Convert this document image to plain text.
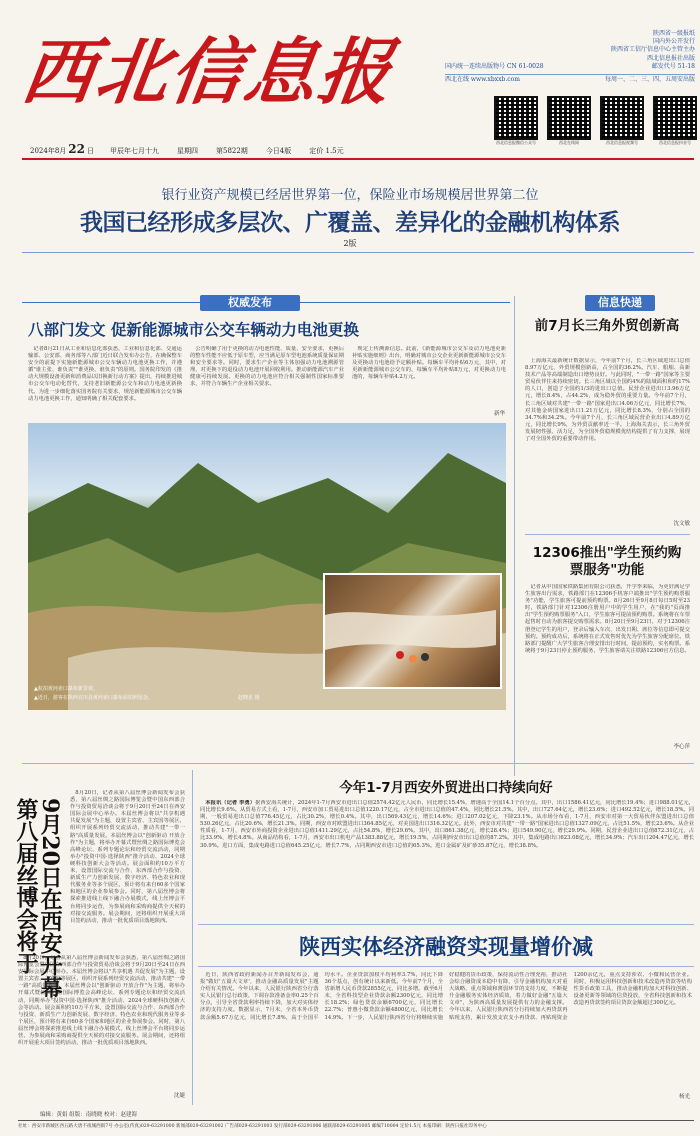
西北信息报	陕西省一级报纸
国内外公开发行
陕西省工信厅信息中心主管主办
西北信息报社出版
国内统一连续出版物号 CN 61-0028	邮发代号 51-18
西北在线 www.xbxxb.com	每周一、二、三、四、五周安出版
西北信息报微信公众号	西北在线网	西北信息报视频号	西北信息报抖音号
2024年8月 22 日 甲辰年七月十九	星期四	第5822期	今日4版	定价 1.5元
银行业资产规模已经居世界第一位，保险业市场规模居世界第二位
我国已经形成多层次、广覆盖、差异化的金融机构体系
2版
权威发布
八部门发文 促新能源城市公交车辆动力电池更换
记者8月21日从工业和信息化部获悉，工业和信息化部、交通运输部、公安部、商务部等八部门近日联合发布办公告，在确保整车安全的前提下实施新能源城市公交车辆动力电池更换工作，并遵循"谁主张、谁负责""谁更换、谁负责"的原则。国务院印发的《推动大规模设备更新和消费品以旧换新行动方案》提出，持续推进城市公交车电动化替代，支持老旧新能源公交车和动力电池更新换代。为进一步细化落实国务院有关要求，规范新能源城市公交车辆动力电池更换工作，通知明确了相关配套要求。
公告明确了用于更换的动力电池性能、质量、安全要求，更换后的整车性能不应低于原车型，应当满足原车型电池系统质量保证期和安全要求等。同时，要求生产企业等主体加强动力电池溯源管理，对更换下的退役动力电池开展回收利用。推动新能源汽车产业健康可持续发展。更换的动力电池应符合相关强制性国家标准要求，并符合车辆生产企业相关要求。
规定上传溯源信息。此前，《新能源城市公交车及动力电池更新补贴实施细则》出台，明确对城市公交企业更新新能源城市公交车及更换动力电池给予定额补贴。每辆车平均补贴6万元，其中，对更新新能源城市公交车的，每辆车平均补贴8万元，对更换动力电池的，每辆车补贴4.2万元。
新华
▲航拍黄河壶口瀑布新景观。
▲近日，游客在陕西宜川县黄河壶口瀑布前拍照留念。	赵晓星 摄
信息快递
前7月长三角外贸创新高
上海海关最新统计数据显示，今年前7个月，长三角区域进出口总值8.97万亿元，外贸规模创新高，占全国的36.2%。汽车、船舶、高新技术产品等高端制造出口增势良好。与此同时，"一带一路"国家等主要贸易伙伴往来持续密切。长三角区域以全国约4%的陆域面积和约17%的人口，创造了全国约1/3的进出口总值。民营企业进出口3.96万亿元，增长8.4%，占44.2%，成为稳外贸的重要力量。今年前7个月，长三角区域对共建"一带一路"国家进出口4.06万亿元，同比增长7%，对其他金砖国家进出口1.21万亿元，同比增长8.3%，分别占全国的34.7%和34.2%。今年前7个月，长三角区域民营企业出口4.89万亿元，同比增长9%，为外贸贡献率近一半。上海海关表示，长三角外贸发展韧性强、活力足，为全国外贸稳规模优结构提供了有力支撑，展现了对全国外贸的重要带动作用。
沈文敏
12306推出"学生预约购票服务"功能
记者从中国国家铁路集团有限公司获悉，开学季来临，为更好满足学生旅客出行需求，铁路部门在12306手机客户端推出"学生预约购票服务"功能，学生旅客可提前预约购票。8月26日至9月8日每日5时至23时，铁路部门针对12306注册用户中的学生用户，在"我的"页面推出"学生预约购票服务"入口，学生旅客可提前预约购票。系统将在车票起售时自动为旅客提交购票需求。8月20日至9月23日，对于12306注册登记学生的用户，登录后输入车次、出发日期、席位等信息即可提交预约。预约成功后，系统将在正式发售时优先为学生旅客分配席位。铁路部门提醒广大学生旅客合理安排出行时间，提前预约，实名购票。系统将于9月23日停止预约服务，学生旅客请关注铁路12306官方信息。
李心萍
9月20日在西安开幕
第八届丝博会将于
8月20日，记者从第八届丝博会新闻发布会获悉，第八届丝绸之路国际博览会暨中国东西部合作与投资贸易洽谈会将于9月20日至24日在西安国际会展中心举办。本届丝博会将以"共享机遇 共促发展"为主题，设置主宾省、主宾国等展区，组织开展系列经贸交流活动，推动共建"一带一路"高质量发展。本届丝博会以"创新驱动 开放合作"为主题，将举办开幕式暨丝绸之路国际博览会高峰论坛、系列专题论坛和经贸交流活动，同期举办"投资中国·选择陕西"推介活动、2024全球硬科技创新大会等活动。展会面积约10万平方米，设置国际交流与合作、东西部合作与投资、新质生产力创新发展、数字经济、特色农业和现代服务业等多个展区，预计将有来自60多个国家和地区的企业参展参会。同时，第八届丝博会将探索推进线上线下融合办展模式，线上丝博会平台将同步运营，为参展商和采购商提供全天候的对接交流服务。展会期间，还将组织开展重大项目签约活动，推动一批优质项目落地陕西。
8月20日，记者从第八届丝博会新闻发布会获悉，第八届丝绸之路国际博览会暨中国东西部合作与投资贸易洽谈会将于9月20日至24日在西安国际会展中心举办。本届丝博会将以"共享机遇 共促发展"为主题，设置主宾省、主宾国等展区，组织开展系列经贸交流活动，推动共建"一带一路"高质量发展。本届丝博会以"创新驱动 开放合作"为主题，将举办开幕式暨丝绸之路国际博览会高峰论坛、系列专题论坛和经贸交流活动，同期举办"投资中国·选择陕西"推介活动、2024全球硬科技创新大会等活动。展会面积约10万平方米，设置国际交流与合作、东西部合作与投资、新质生产力创新发展、数字经济、特色农业和现代服务业等多个展区，预计将有来自60多个国家和地区的企业参展参会。同时，第八届丝博会将探索推进线上线下融合办展模式，线上丝博会平台将同步运营，为参展商和采购商提供全天候的对接交流服务。展会期间，还将组织开展重大项目签约活动，推动一批优质项目落地陕西。
沈婕
今年1-7月西安外贸进出口持续向好
本报讯（记者 李勇）据西安海关统计，2024年1-7月西安市进出口总值2574.42亿元人民币，同比增长15.4%，增速高于全国14.1个百分点。其中，出口1586.41亿元，同比增长19.4%；进口988.01亿元，同比增长9.6%。从贸易方式上看，1-7月，西安市加工贸易进出口总值1220.17亿元，占全市进出口总值的47.4%，同比增长21.5%。其中，出口727.64亿元，增长23.6%；进口492.52亿元，增长18.5%。同期，一般贸易进出口总值776.45亿元，占比30.2%，增长0.4%。其中，出口569.43亿元，增长14.6%；进口207.02亿元，下降23.1%。从市场分布看，1-7月，西安市对第一大贸易伙伴东盟进出口总值530.26亿元，占比20.6%，增长21.3%。同期，西安市对欧盟进出口364.85亿元，对美国进出口316.32亿元。此外，西安市对共建"一带一路"国家进出口总值1327.09亿元，占比51.5%，增长23.6%。从企业性质看，1-7月，西安市外商投资企业进出口总值1411.29亿元，占比54.8%，增长29.6%。其中，出口861.38亿元，增长28.4%；进口549.90亿元，增长29.9%。同期，民营企业进出口总值872.31亿元，占比33.9%，增长4.8%。从商品结构看，1-7月，西安市出口机电产品1383.88亿元，增长19.5%，占同期西安市出口总值的87.2%。其中，集成电路出口623.08亿元，增长34.9%；汽车出口204.47亿元，增长30.9%。进口方面，集成电路进口总值645.25亿元，增长7.7%，占同期西安市进口总值的65.3%。进口金属矿及矿砂35.87亿元，增长38.8%。
陕西实体经济融资实现量增价减
近日，陕西省政府新闻办召开新闻发布会，通报"做好'五篇大文章'，推动金融高质量发展"主题介绍有关情况。今年以来，人民银行陕西省分行落实人民银行总行政策，下调存款准备金率0.25个百分点，引导全省贷款利率持续下降，加大对实体经济的支持力度。数据显示，7月末，全省本外币贷款余额5.67万亿元，同比增长7.8%，高于全国平均水平。企业贷款加权平均利率3.7%，同比下降36个基点，创有统计以来新低。今年前7个月，全省新增人民币贷款2855亿元，同比多增。截至6月末，全省科技型企业贷款余额2300亿元，同比增长18.2%；绿色贷款余额6700亿元，同比增长22.7%；普惠小微贷款余额4800亿元，同比增长14.9%。下一步，人民银行陕西省分行将继续实施好稳健的货币政策，保持流动性合理充裕，推动社会综合融资成本稳中有降，引导金融机构加大对重大战略、重点领域和薄弱环节的支持力度，不断提升金融服务实体经济质效，着力做好金融"五篇大文章"，为陕西高质量发展提供有力的金融支撑。今年以来，人民银行陕西省分行持续加大再贷款再贴现支持，累计发放支农支小再贷款、再贴现资金1200余亿元，重点支持涉农、小微和民营企业。同时，积极运用科技创新和技术改造再贷款等结构性货币政策工具，推动金融机构加大对科技创新、设备更新等领域的信贷投放，全省科技创新和技术改造再贷款签约项目贷款金额超过300亿元。
杨光
编辑：黄娟 组版：南晓晓 校对：赵建海
社址：西安市新城区西五路大唐不夜城西街7号 办公室(传真)029-63291000 新闻部029-63291002 广告部029-63291003 发行部029-63291006 通联部029-63291005 邮编710004 定价1.5元 本报印刷：陕西日报社印务中心
